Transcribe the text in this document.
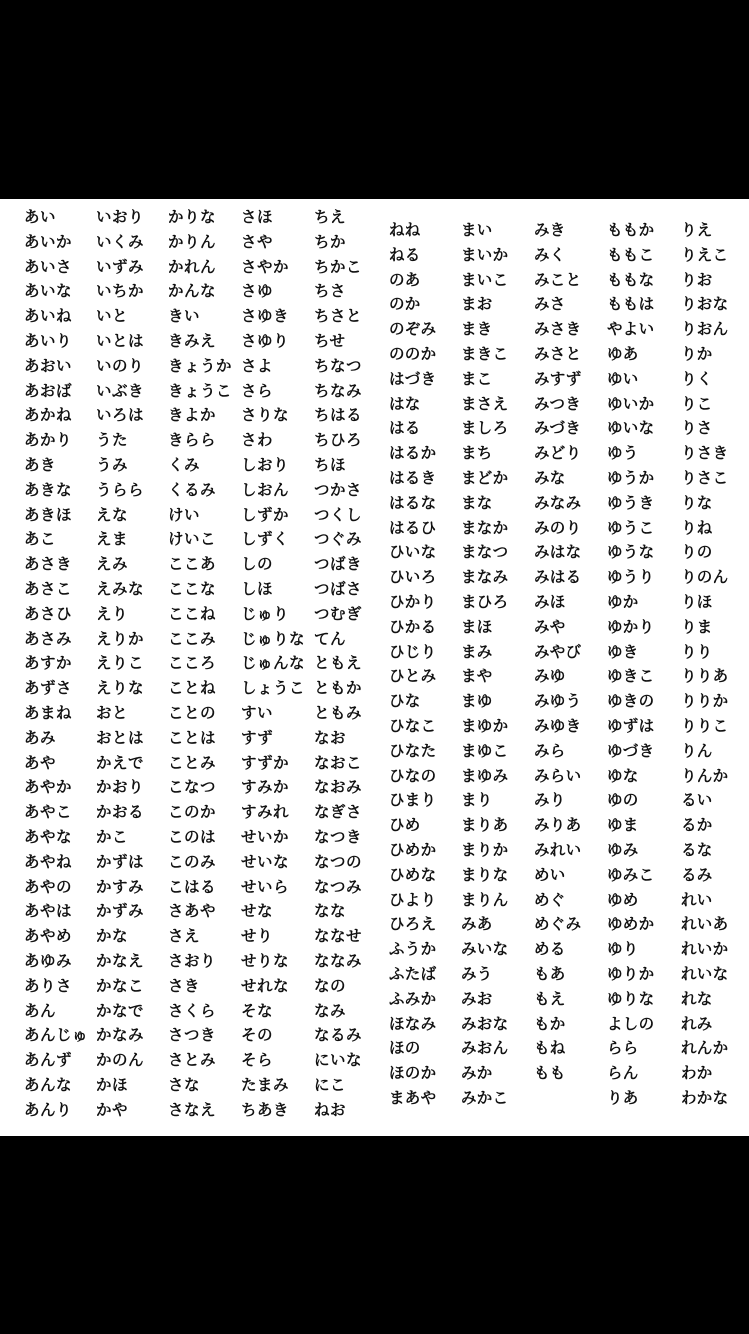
あい
あいか
あいさ
あいな
あいね
あいり
あおい
あおば
あかね
あかり
あき
あきな
あきほ
あこ
あさき
あさこ
あさひ
あさみ
あすか
あずさ
あまね
あみ
あや
あやか
あやこ
あやな
あやね
あやの
あやは
あやめ
あゆみ
ありさ
あん
あんじゅ
あんず
あんな
あんり
いおり
いくみ
いずみ
いちか
いと
いとは
いのり
いぶき
いろは
うた
うみ
うらら
えな
えま
えみ
えみな
えり
えりか
えりこ
えりな
おと
おとは
かえで
かおり
かおる
かこ
かずは
かすみ
かずみ
かな
かなえ
かなこ
かなで
かなみ
かのん
かほ
かや
かりな
かりん
かれん
かんな
きい
きみえ
きょうか
きょうこ
きよか
きらら
くみ
くるみ
けい
けいこ
ここあ
ここな
ここね
ここみ
こころ
ことね
ことの
ことは
ことみ
こなつ
このか
このは
このみ
こはる
さあや
さえ
さおり
さき
さくら
さつき
さとみ
さな
さなえ
さほ
さや
さやか
さゆ
さゆき
さゆり
さよ
さら
さりな
さわ
しおり
しおん
しずか
しずく
しの
しほ
じゅり
じゅりな
じゅんな
しょうこ
すい
すず
すずか
すみか
すみれ
せいか
せいな
せいら
せな
せり
せりな
せれな
そな
その
そら
たまみ
ちあき
ちえ
ちか
ちかこ
ちさ
ちさと
ちせ
ちなつ
ちなみ
ちはる
ちひろ
ちほ
つかさ
つくし
つぐみ
つばき
つばさ
つむぎ
てん
ともえ
ともか
ともみ
なお
なおこ
なおみ
なぎさ
なつき
なつの
なつみ
なな
ななせ
ななみ
なの
なみ
なるみ
にいな
にこ
ねお
ねね
ねる
のあ
のか
のぞみ
ののか
はづき
はな
はる
はるか
はるき
はるな
はるひ
ひいな
ひいろ
ひかり
ひかる
ひじり
ひとみ
ひな
ひなこ
ひなた
ひなの
ひまり
ひめ
ひめか
ひめな
ひより
ひろえ
ふうか
ふたば
ふみか
ほなみ
ほの
ほのか
まあや
まい
まいか
まいこ
まお
まき
まきこ
まこ
まさえ
ましろ
まち
まどか
まな
まなか
まなつ
まなみ
まひろ
まほ
まみ
まや
まゆ
まゆか
まゆこ
まゆみ
まり
まりあ
まりか
まりな
まりん
みあ
みいな
みう
みお
みおな
みおん
みか
みかこ
みき
みく
みこと
みさ
みさき
みさと
みすず
みつき
みづき
みどり
みな
みなみ
みのり
みはな
みはる
みほ
みや
みやび
みゆ
みゆう
みゆき
みら
みらい
みり
みりあ
みれい
めい
めぐ
めぐみ
める
もあ
もえ
もか
もね
もも
ももか
ももこ
ももな
ももは
やよい
ゆあ
ゆい
ゆいか
ゆいな
ゆう
ゆうか
ゆうき
ゆうこ
ゆうな
ゆうり
ゆか
ゆかり
ゆき
ゆきこ
ゆきの
ゆずは
ゆづき
ゆな
ゆの
ゆま
ゆみ
ゆみこ
ゆめ
ゆめか
ゆり
ゆりか
ゆりな
よしの
らら
らん
りあ
りえ
りえこ
りお
りおな
りおん
りか
りく
りこ
りさ
りさき
りさこ
りな
りね
りの
りのん
りほ
りま
りり
りりあ
りりか
りりこ
りん
りんか
るい
るか
るな
るみ
れい
れいあ
れいか
れいな
れな
れみ
れんか
わか
わかな
